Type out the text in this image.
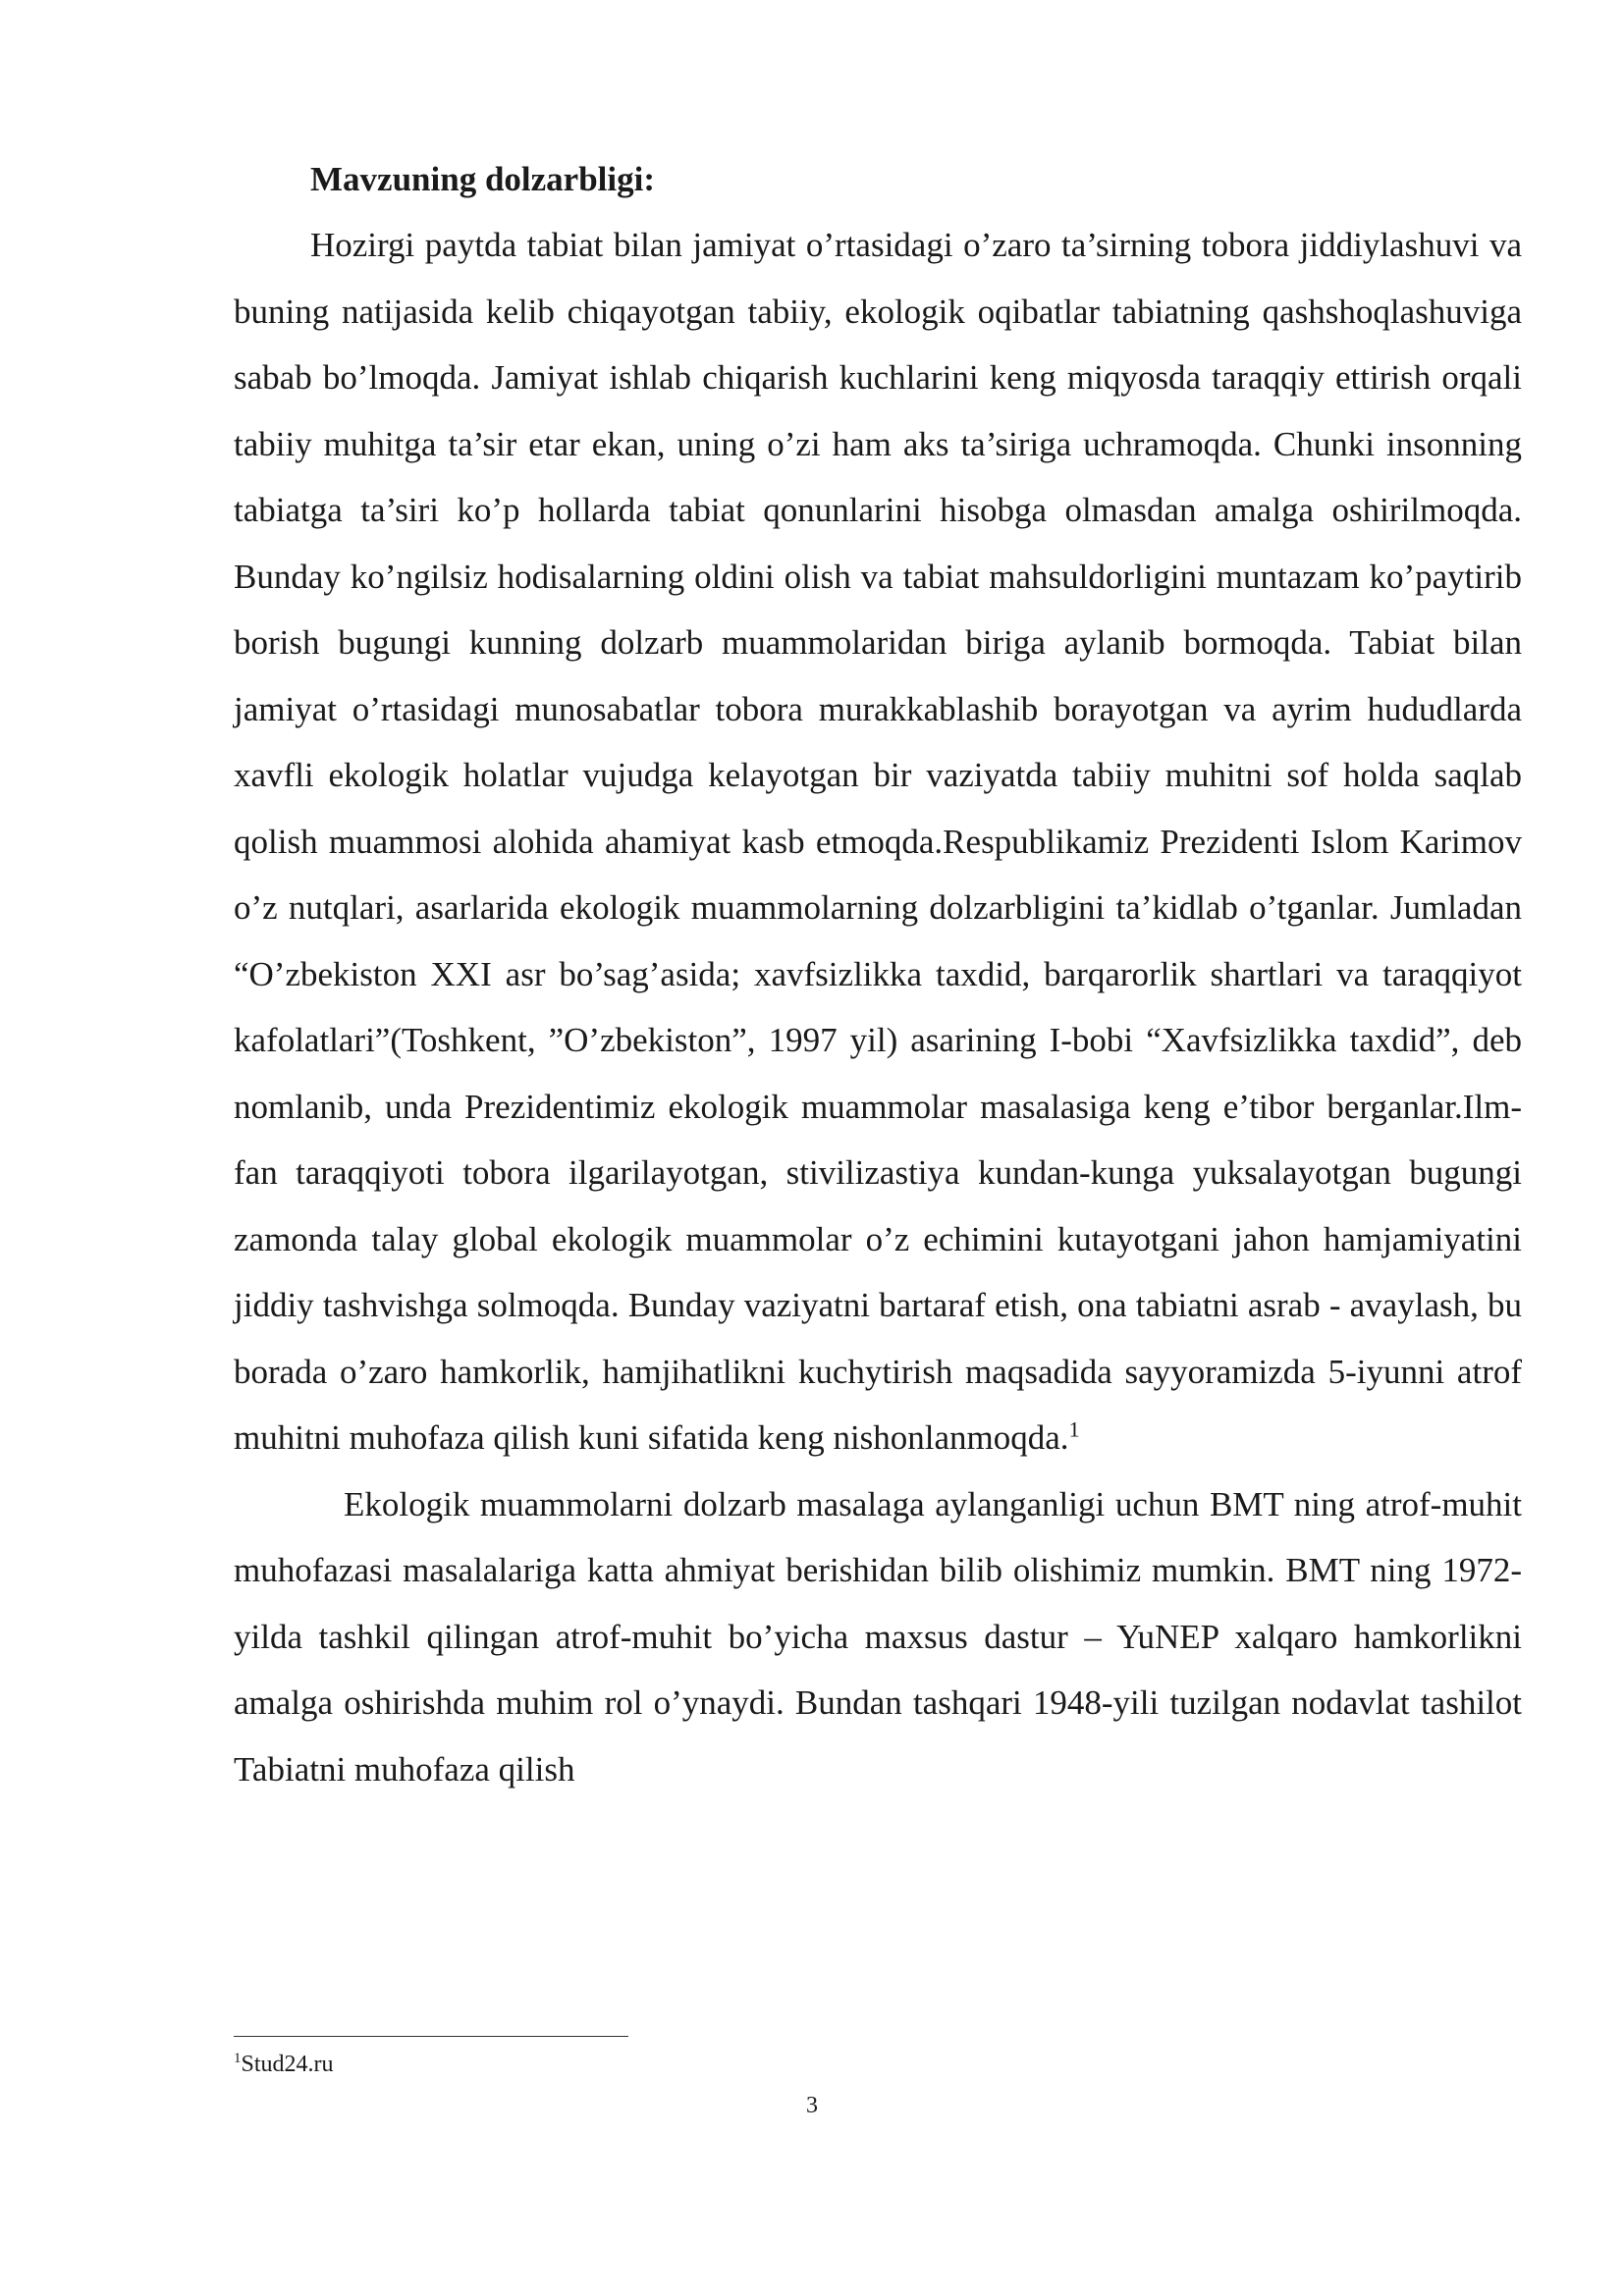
Mavzuning dolzarbligi:

Hozirgi paytda tabiat bilan jamiyat o’rtasidagi o’zaro ta’sirning tobora jiddiylashuvi va buning natijasida kelib chiqayotgan tabiiy, ekologik oqibatlar tabiatning qashshoqlashuviga sabab bo’lmoqda. Jamiyat ishlab chiqarish kuchlarini keng miqyosda taraqqiy ettirish orqali tabiiy muhitga ta’sir etar ekan, uning o’zi ham aks ta’siriga uchramoqda. Chunki insonning tabiatga ta’siri ko’p hollarda tabiat qonunlarini hisobga olmasdan amalga oshirilmoqda. Bunday ko’ngilsiz hodisalarning oldini olish va tabiat mahsuldorligini muntazam ko’paytirib borish bugungi kunning dolzarb muammolaridan biriga aylanib bormoqda. Tabiat bilan jamiyat o’rtasidagi munosabatlar tobora murakkablashib borayotgan va ayrim hududlarda xavfli ekologik holatlar vujudga kelayotgan bir vaziyatda tabiiy muhitni sof holda saqlab qolish muammosi alohida ahamiyat kasb etmoqda.Respublikamiz Prezidenti Islom Karimov o’z nutqlari, asarlarida ekologik muammolarning dolzarbligini ta’kidlab o’tganlar. Jumladan “O’zbekiston XXI asr bo’sag’asida; xavfsizlikka taxdid, barqarorlik shartlari va taraqqiyot kafolatlari”(Toshkent, ”O’zbekiston”, 1997 yil) asarining I-bobi “Xavfsizlikka taxdid”, deb nomlanib, unda Prezidentimiz ekologik muammolar masalasiga keng e’tibor berganlar.Ilm-fan taraqqiyoti tobora ilgarilayotgan, stivilizastiya kundan-kunga yuksalayotgan bugungi zamonda talay global ekologik muammolar o’z echimini kutayotgani jahon hamjamiyatini jiddiy tashvishga solmoqda. Bunday vaziyatni bartaraf etish, ona tabiatni asrab - avaylash, bu borada o’zaro hamkorlik, hamjihatlikni kuchytirish maqsadida sayyoramizda 5-iyunni atrof muhitni muhofaza qilish kuni sifatida keng nishonlanmoqda.$^1$

Ekologik muammolarni dolzarb masalaga aylanganligi uchun BMT ning atrof-muhit muhofazasi masalalariga katta ahmiyat berishidan bilib olishimiz mumkin. BMT ning 1972-yilda tashkil qilingan atrof-muhit bo’yicha maxsus dastur – YuNEP xalqaro hamkorlikni amalga oshirishda muhim rol o’ynaydi. Bundan tashqari 1948-yili tuzilgan nodavlat tashilot Tabiatni muhofaza qilish

$^1$Stud24.ru
3
